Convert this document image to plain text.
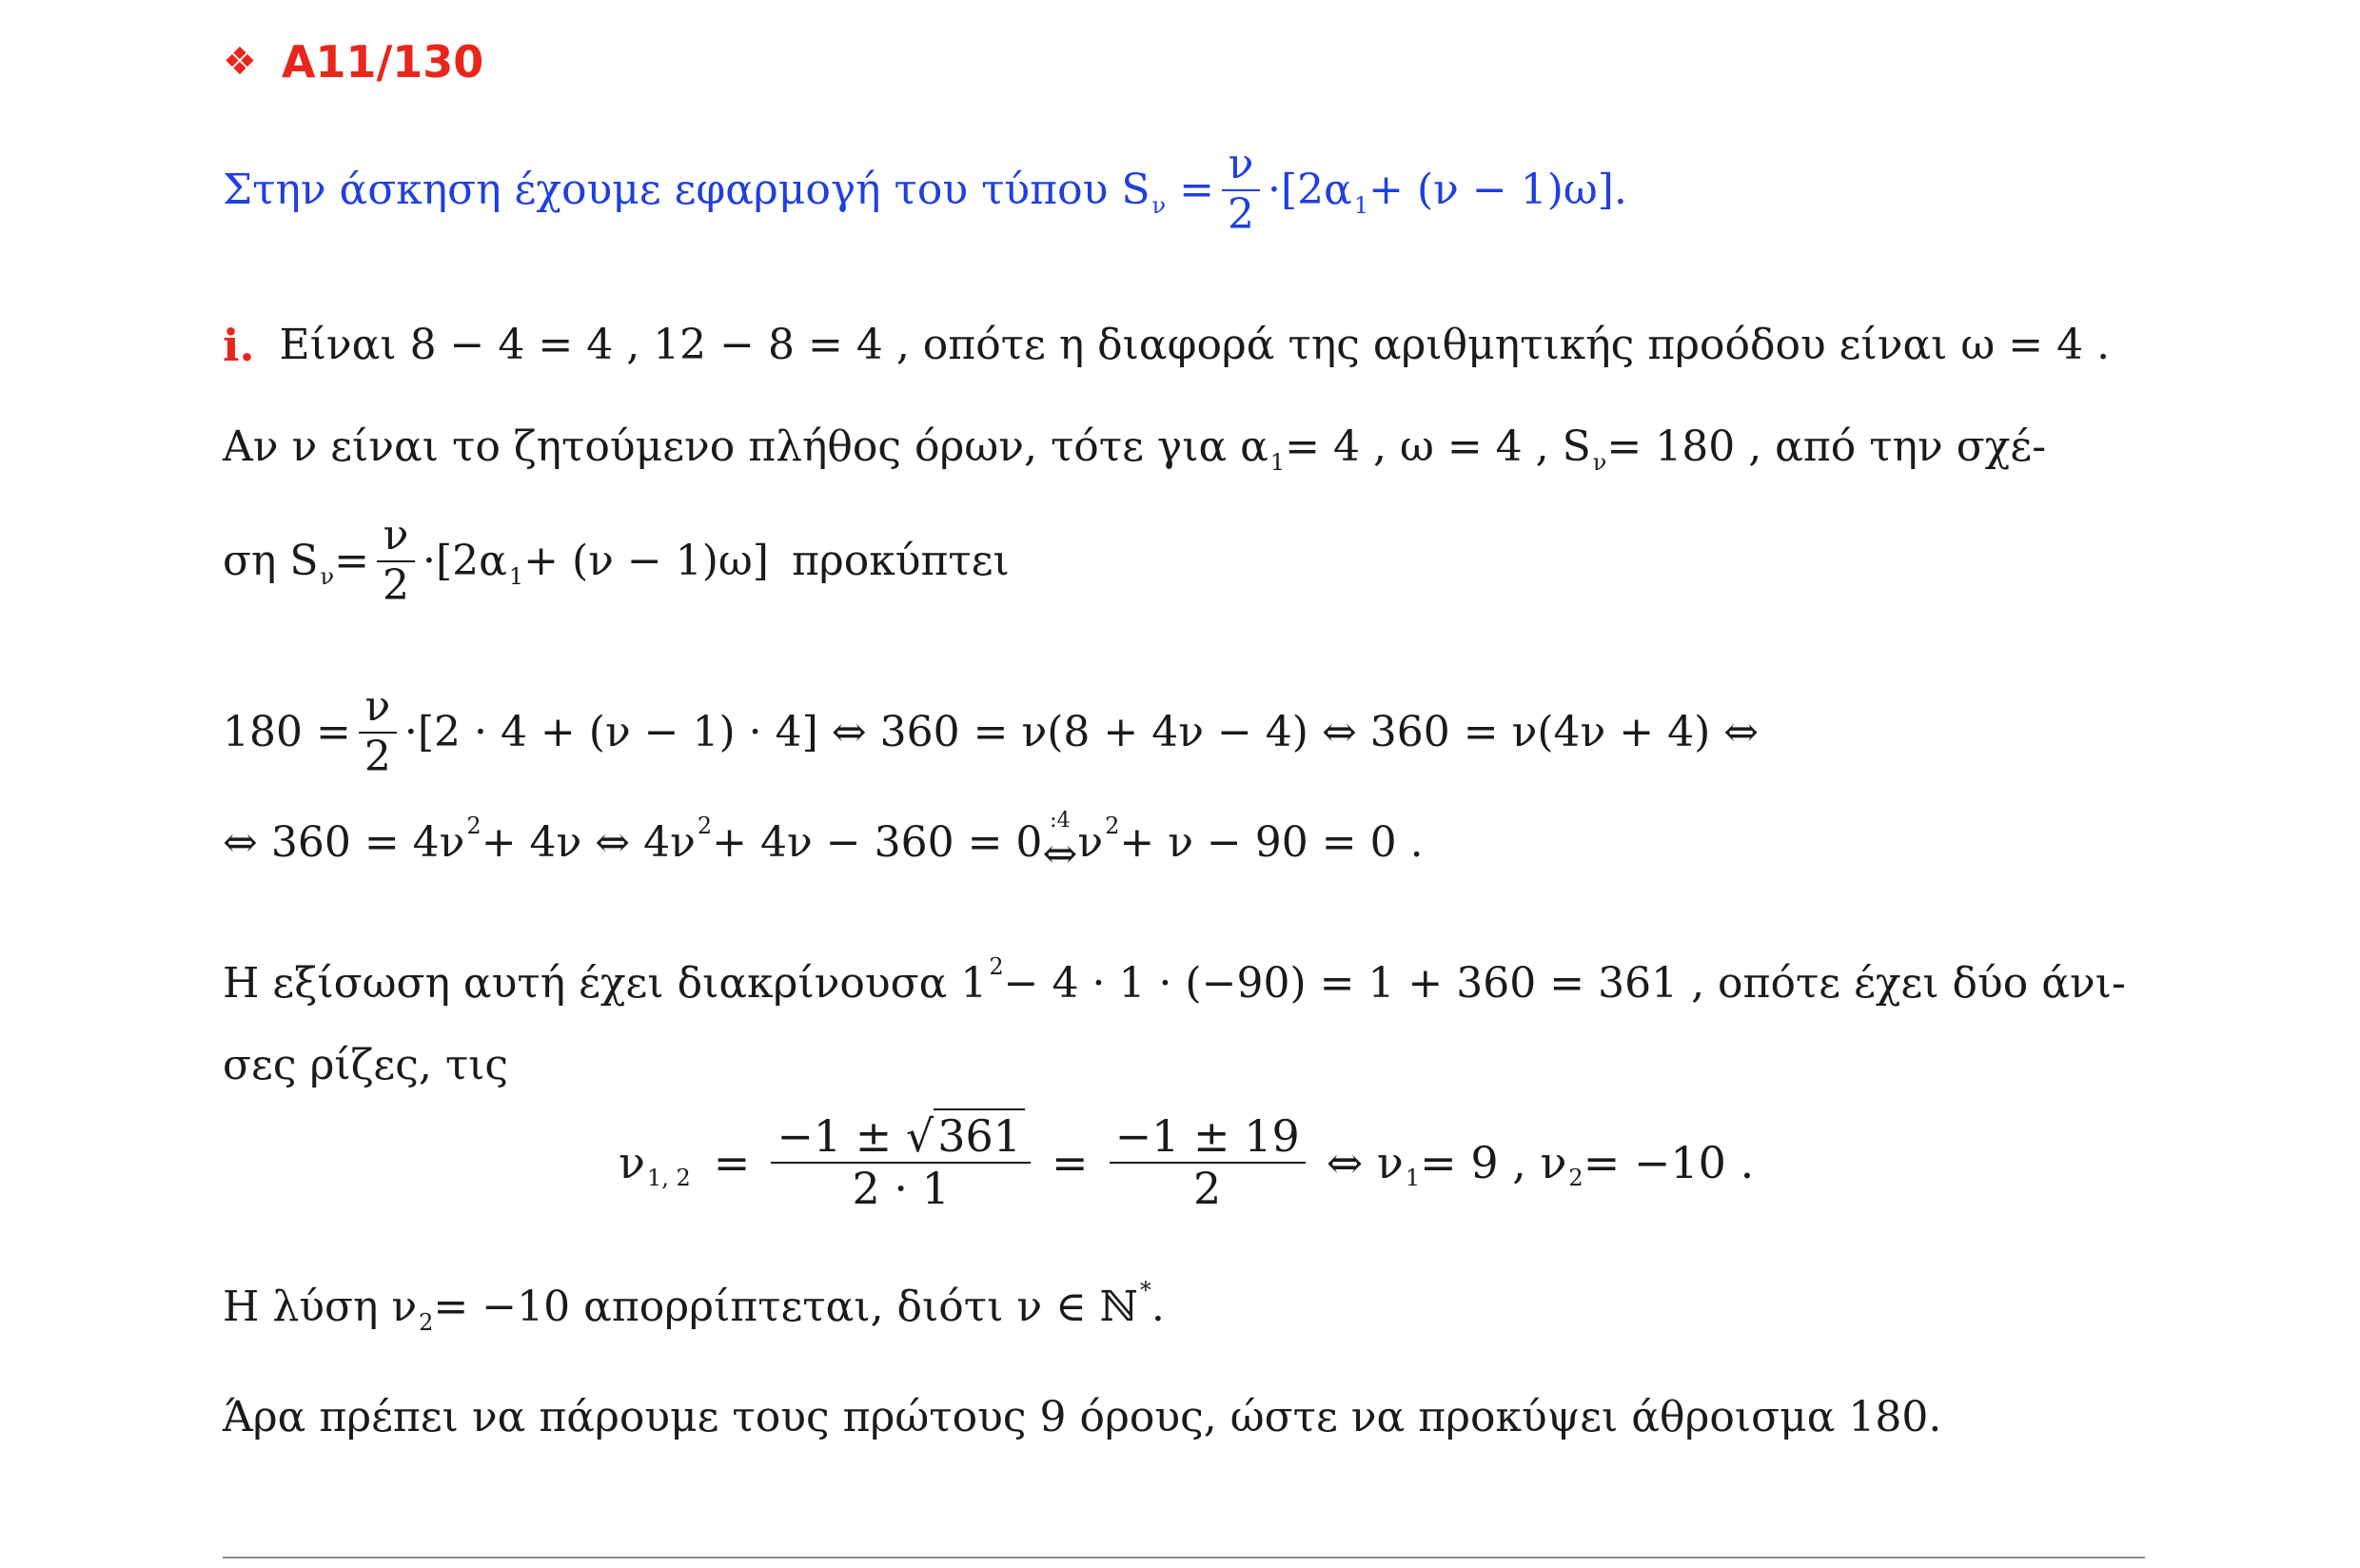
❖ Α11/130
Στην άσκηση έχουμε εφαρμογή του τύπου S $\nu = \frac{\nu}{2} \cdot[2\alpha$ 1 + (ν − 1)ω].
i. Είναι 8 − 4 = 4 , 12 − 8 = 4 , οπότε η διαφορά της αριθμητικής προόδου είναι ω = 4 .
Αν ν είναι το ζητούμενο πλήθος όρων, τότε για α 1 = 4 , ω = 4 , S ν = 180 , από την σχέ-
ση S $\nu = \frac{\nu}{2} \cdot[2\alpha$ 1 + (ν − 1)ω] προκύπτει
$180 = \frac{\nu}{2} \cdot[2 \cdot 4 + (\nu - 1) \cdot 4]$ ⇔ 360 = ν(8 + 4ν − 4) ⇔ 360 = ν(4ν + 4) ⇔
⇔ 360 = 4ν 2 + 4ν ⇔ 4ν 2 + 4ν − 360 = 0 :4
⇔ ν 2 + ν − 90 = 0 .
Η εξίσωση αυτή έχει διακρίνουσα 1 2 − 4 · 1 · (−90) = 1 + 360 = 361 , οπότε έχει δύο άνι-
σες ρίζες, τις
ν 1, $2 = \frac{-1 \pm √361}{2 \cdot 1} = \frac{-1 \pm 19}{2}$ ⇔ ν 1 = 9 , ν 2 = −10 .
Η λύση ν 2 = −10 απορρίπτεται, διότι ν ∈ ℕ * .
Άρα πρέπει να πάρουμε τους πρώτους 9 όρους, ώστε να προκύψει άθροισμα 180.
